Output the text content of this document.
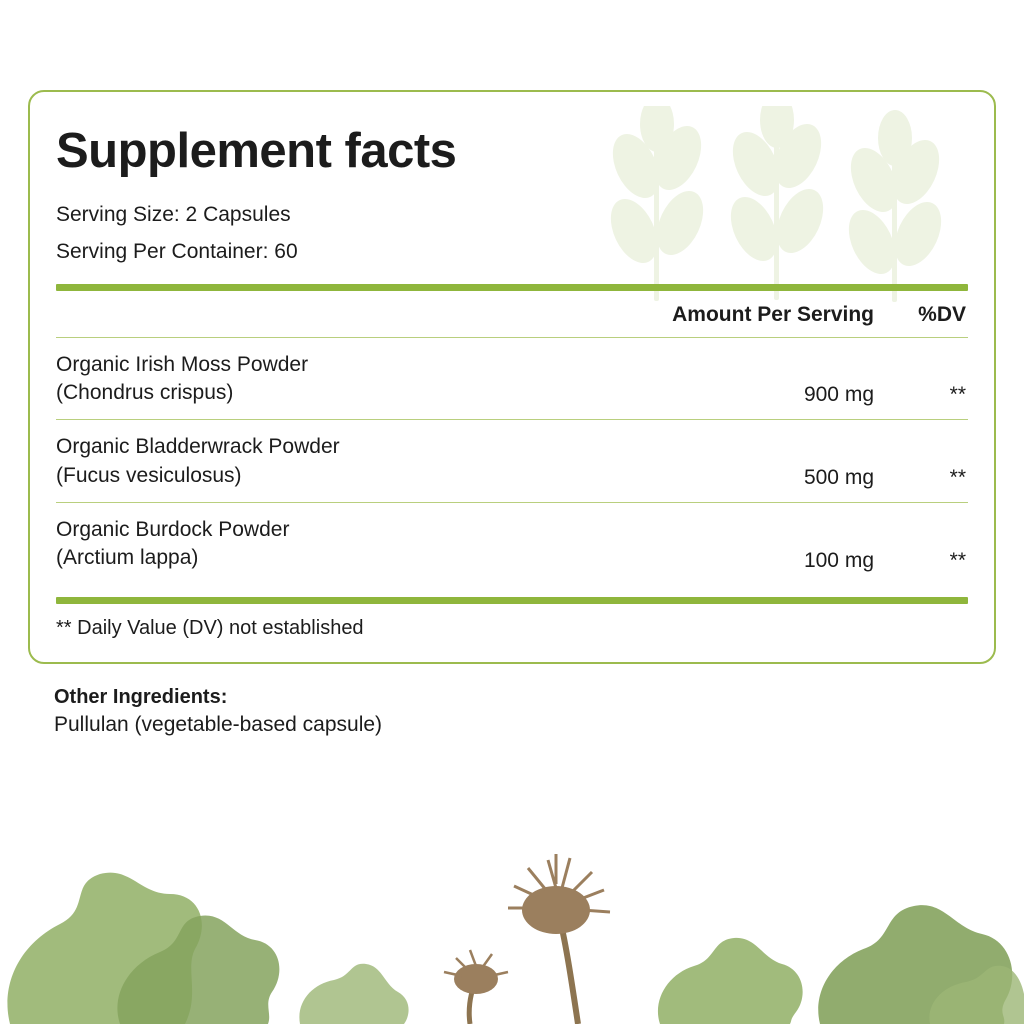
Supplement facts
Serving Size: 2 Capsules
Serving Per Container: 60
	Amount Per Serving	%DV

Organic Irish Moss Powder
(Chondrus crispus)	900 mg	**

Organic Bladderwrack Powder
(Fucus vesiculosus)	500 mg	**

Organic Burdock Powder
(Arctium lappa)	100 mg	**
** Daily Value (DV) not established
Other Ingredients:
Pullulan (vegetable-based capsule)
